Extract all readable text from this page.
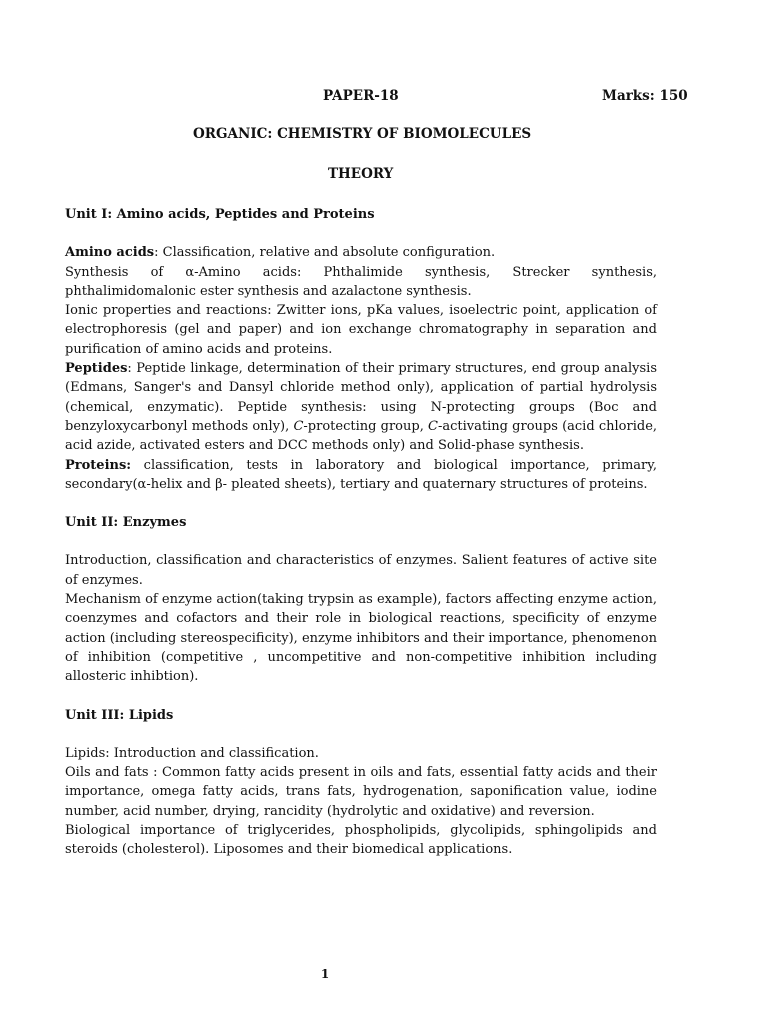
PAPER-18	Marks: 150
ORGANIC: CHEMISTRY OF BIOMOLECULES
THEORY

Unit I: Amino acids, Peptides and Proteins

Amino acids: Classification, relative and absolute configuration.

Synthesis of α-Amino acids: Phthalimide synthesis, Strecker synthesis, phthalimidomalonic ester synthesis and azalactone synthesis.

Ionic properties and reactions: Zwitter ions, pKa values, isoelectric point, application of electrophoresis (gel and paper) and ion exchange chromatography in separation and purification of amino acids and proteins.

Peptides: Peptide linkage, determination of their primary structures, end group analysis (Edmans, Sanger's and Dansyl chloride method only), application of partial hydrolysis (chemical, enzymatic). Peptide synthesis: using N-protecting groups (Boc and benzyloxycarbonyl methods only), C-protecting group, C-activating groups (acid chloride, acid azide, activated esters and DCC methods only) and Solid-phase synthesis.

Proteins: classification, tests in laboratory and biological importance, primary, secondary(α-helix and β- pleated sheets), tertiary and quaternary structures of proteins.

Unit II: Enzymes

Introduction, classification and characteristics of enzymes. Salient features of active site of enzymes.

Mechanism of enzyme action(taking trypsin as example), factors affecting enzyme action, coenzymes and cofactors and their role in biological reactions, specificity of enzyme action (including stereospecificity), enzyme inhibitors and their importance, phenomenon of inhibition (competitive , uncompetitive and non-competitive inhibition including allosteric inhibtion).

Unit III: Lipids

Lipids: Introduction and classification.

Oils and fats : Common fatty acids present in oils and fats, essential fatty acids and their importance, omega fatty acids, trans fats, hydrogenation, saponification value, iodine number, acid number, drying, rancidity (hydrolytic and oxidative) and reversion.

Biological importance of triglycerides, phospholipids, glycolipids, sphingolipids and steroids (cholesterol). Liposomes and their biomedical applications.

1
